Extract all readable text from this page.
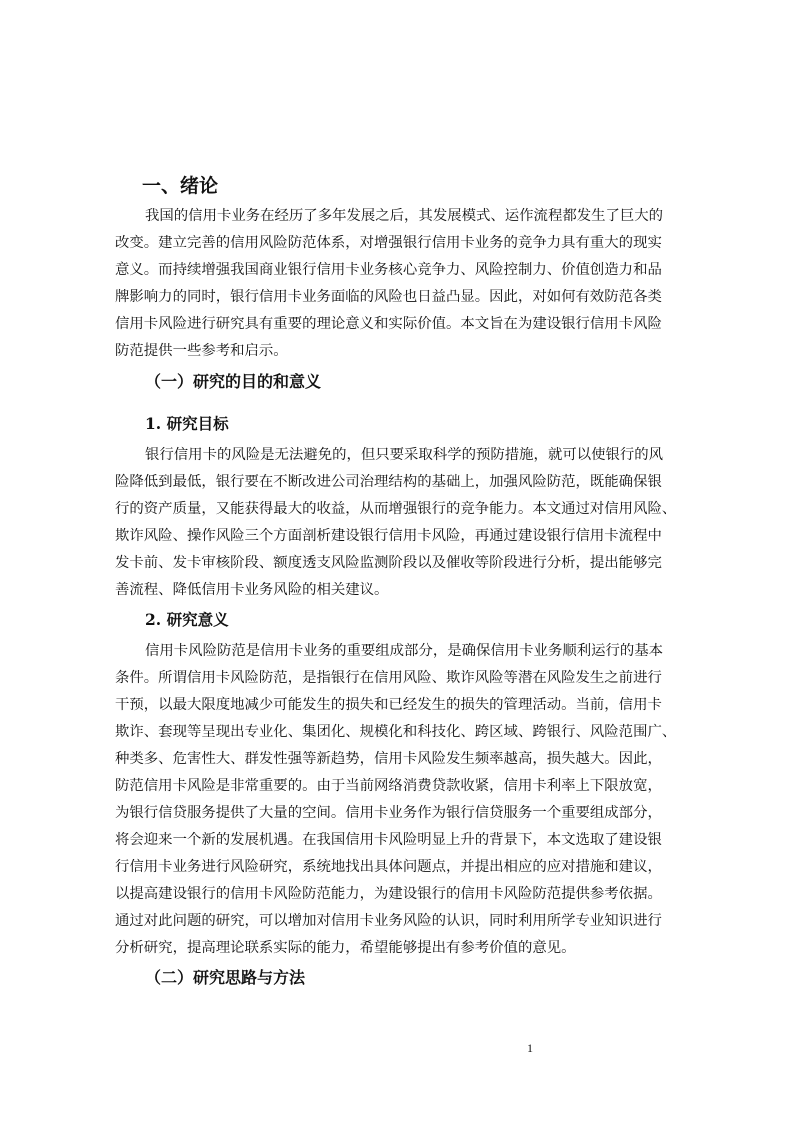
一、绪论
我国的信用卡业务在经历了多年发展之后，其发展模式、运作流程都发生了巨大的
改变。建立完善的信用风险防范体系，对增强银行信用卡业务的竞争力具有重大的现实
意义。而持续增强我国商业银行信用卡业务核心竞争力、风险控制力、价值创造力和品
牌影响力的同时，银行信用卡业务面临的风险也日益凸显。因此，对如何有效防范各类
信用卡风险进行研究具有重要的理论意义和实际价值。本文旨在为建设银行信用卡风险
防范提供一些参考和启示。
（一）研究的目的和意义
1. 研究目标
银行信用卡的风险是无法避免的，但只要采取科学的预防措施，就可以使银行的风
险降低到最低，银行要在不断改进公司治理结构的基础上，加强风险防范，既能确保银
行的资产质量，又能获得最大的收益，从而增强银行的竞争能力。本文通过对信用风险、
欺诈风险、操作风险三个方面剖析建设银行信用卡风险，再通过建设银行信用卡流程中
发卡前、发卡审核阶段、额度透支风险监测阶段以及催收等阶段进行分析，提出能够完
善流程、降低信用卡业务风险的相关建议。
2. 研究意义
信用卡风险防范是信用卡业务的重要组成部分，是确保信用卡业务顺利运行的基本
条件。所谓信用卡风险防范，是指银行在信用风险、欺诈风险等潜在风险发生之前进行
干预，以最大限度地减少可能发生的损失和已经发生的损失的管理活动。当前，信用卡
欺诈、套现等呈现出专业化、集团化、规模化和科技化、跨区域、跨银行、风险范围广、
种类多、危害性大、群发性强等新趋势，信用卡风险发生频率越高，损失越大。因此，
防范信用卡风险是非常重要的。由于当前网络消费贷款收紧，信用卡利率上下限放宽，
为银行信贷服务提供了大量的空间。信用卡业务作为银行信贷服务一个重要组成部分，
将会迎来一个新的发展机遇。在我国信用卡风险明显上升的背景下，本文选取了建设银
行信用卡业务进行风险研究，系统地找出具体问题点，并提出相应的应对措施和建议，
以提高建设银行的信用卡风险防范能力，为建设银行的信用卡风险防范提供参考依据。
通过对此问题的研究，可以增加对信用卡业务风险的认识，同时利用所学专业知识进行
分析研究，提高理论联系实际的能力，希望能够提出有参考价值的意见。
（二）研究思路与方法
1
